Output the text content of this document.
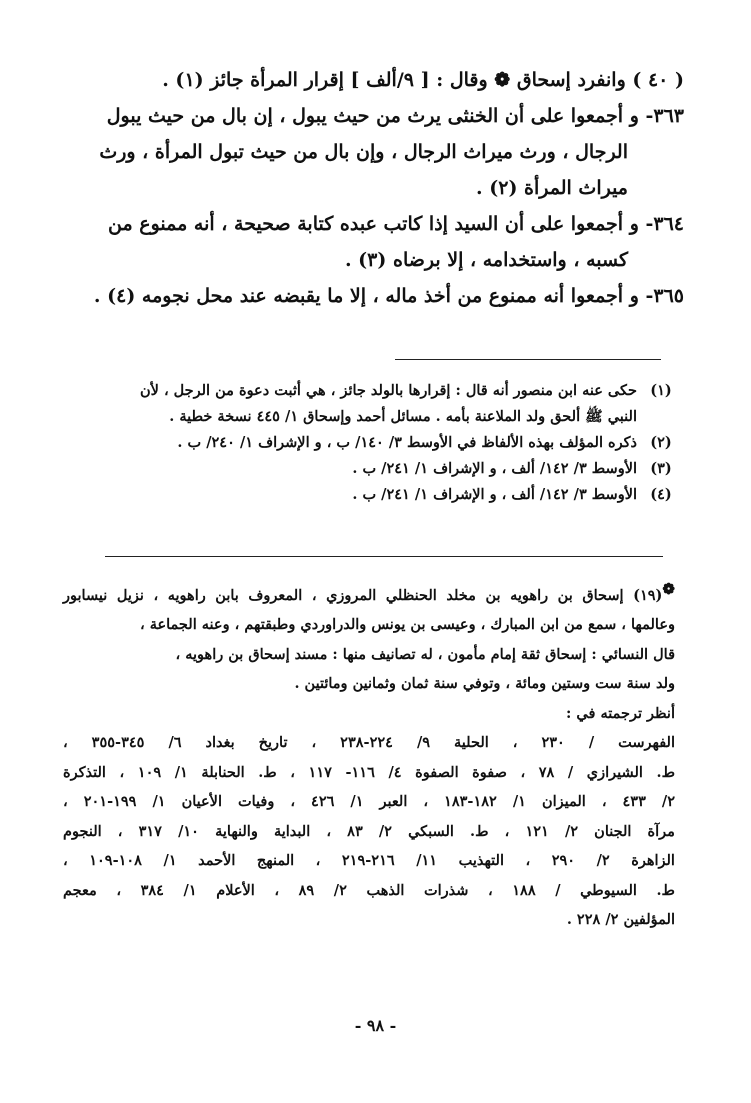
( ٤٠ ) وانفرد إسحاق ❁ وقال : [ ٩/ألف ] إقرار المرأة جائز (١) .
٣٦٣- و أجمعوا على أن الخنثى يرث من حيث يبول ، إن بال من حيث يبول
الرجال ، ورث ميراث الرجال ، وإن بال من حيث تبول المرأة ، ورث
ميراث المرأة (٢) .
٣٦٤- و أجمعوا على أن السيد إذا كاتب عبده كتابة صحيحة ، أنه ممنوع من
كسبه ، واستخدامه ، إلا برضاه (٣) .
٣٦٥- و أجمعوا أنه ممنوع من أخذ ماله ، إلا ما يقبضه عند محل نجومه (٤) .
(١)
حكى عنه ابن منصور أنه قال : إقرارها بالولد جائز ، هي أثبت دعوة من الرجل ، لأن
النبي ﷺ ألحق ولد الملاعنة بأمه . مسائل أحمد وإسحاق ١/ ٤٤٥ نسخة خطية .
(٢)
ذكره المؤلف بهذه الألفاظ في الأوسط ٣/ ١٤٠/ ب ، و الإشراف ١/ ٢٤٠/ ب .
(٣)
الأوسط ٣/ ١٤٢/ ألف ، و الإشراف ١/ ٢٤١/ ب .
(٤)
الأوسط ٣/ ١٤٢/ ألف ، و الإشراف ١/ ٢٤١/ ب .
❁(١٩) إسحاق بن راهويه بن مخلد الحنظلي المروزي ، المعروف بابن راهويه ، نزيل نيسابور
وعالمها ، سمع من ابن المبارك ، وعيسى بن يونس والدراوردي وطبقتهم ، وعنه الجماعة ،
قال النسائي : إسحاق ثقة إمام مأمون ، له تصانيف منها : مسند إسحاق بن راهويه ،
ولد سنة ست وستين ومائة ، وتوفي سنة ثمان وثمانين ومائتين .
أنظر ترجمته في :
الفهرست / ٢٣٠ ، الحلية ٩/ ٢٢٤-٢٣٨ ، تاريخ بغداد ٦/ ٣٤٥-٣٥٥ ،
ط. الشيرازي / ٧٨ ، صفوة الصفوة ٤/ ١١٦- ١١٧ ، ط. الحنابلة ١/ ١٠٩ ، التذكرة
٢/ ٤٣٣ ، الميزان ١/ ١٨٢-١٨٣ ، العبر ١/ ٤٢٦ ، وفيات الأعيان ١/ ١٩٩-٢٠١ ،
مرآة الجنان ٢/ ١٢١ ، ط. السبكي ٢/ ٨٣ ، البداية والنهاية ١٠/ ٣١٧ ، النجوم
الزاهرة ٢/ ٢٩٠ ، التهذيب ١١/ ٢١٦-٢١٩ ، المنهج الأحمد ١/ ١٠٨-١٠٩ ،
ط. السيوطي / ١٨٨ ، شذرات الذهب ٢/ ٨٩ ، الأعلام ١/ ٣٨٤ ، معجم
المؤلفين ٢/ ٢٢٨ .
- ٩٨ -
